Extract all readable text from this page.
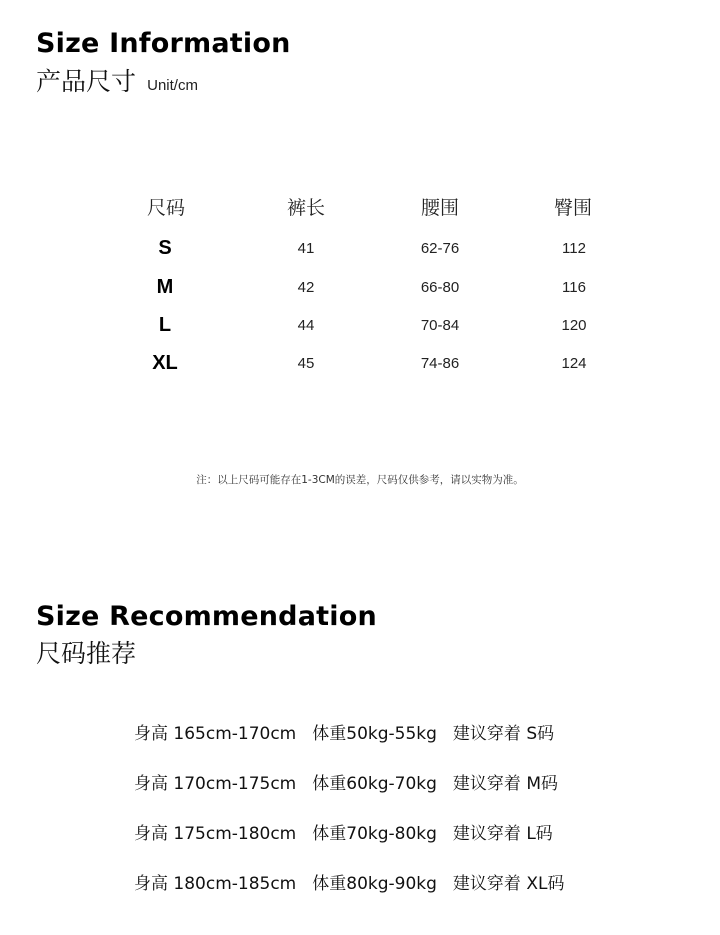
Size Information
产品尺寸 Unit/cm
尺码	裤长	腰围	臀围
S	41	62-76	112
M	42	66-80	116
L	44	70-84	120
XL	45	74-86	124
注：以上尺码可能存在1-3CM的误差，尺码仅供参考，请以实物为准。
Size Recommendation
尺码推荐
身高 165cm-170cm 体重50kg-55kg 建议穿着 S码
身高 170cm-175cm 体重60kg-70kg 建议穿着 M码
身高 175cm-180cm 体重70kg-80kg 建议穿着 L码
身高 180cm-185cm 体重80kg-90kg 建议穿着 XL码
